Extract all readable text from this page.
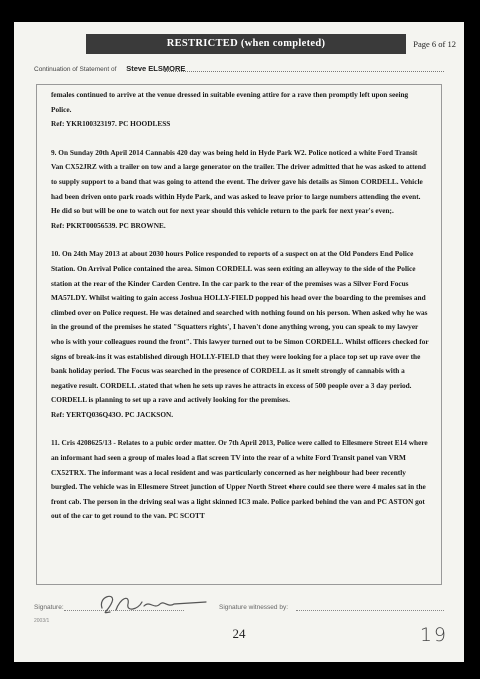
RESTRICTED (when completed)	Page 6 of 12
Continuation of Statement of Steve ELSMORE

females continued to arrive at the venue dressed in suitable evening attire for a rave then promptly left upon seeing Police.

Ref: YKR100323197. PC HOODLESS

9. On Sunday 20th April 2014 Cannabis 420 day was being held in Hyde Park W2. Police noticed a white Ford Transit Van CX52JRZ with a trailer on tow and a large generator on the trailer. The driver admitted that he was asked to attend to supply support to a band that was going to attend the event. The driver gave his details as Simon CORDELL. Vehicle had been driven onto park roads within Hyde Park, and was asked to leave prior to large numbers attending the event. He did so but will be one to watch out for next year should this vehicle return to the park for next year's even;.

Ref: PKRT00056539. PC BROWNE.

10. On 24th May 2013 at about 2030 hours Police responded to reports of a suspect on at the Old Ponders End Police Station. On Arrival Police contained the area. Simon CORDELL was seen exiting an alleyway to the side of the Police station at the rear of the Kinder Carden Centre. In the car park to the rear of the premises was a Silver Ford Focus MA57LDY. Whilst waiting to gain access Joshua HOLLY-FIELD popped his head over the boarding to the premises and climbed over on Police request. He was detained and searched with nothing found on his person. When asked why he was in the ground of the premises he stated "Squatters rights', I haven't done anything wrong, you can speak to my lawyer who is with your colleagues round the front". This lawyer turned out to be Simon CORDELL. Whilst officers checked for signs of break-ins it was established dirough HOLLY-FIELD that they were looking for a place top set up rave over the bank holiday period. The Focus was searched in the presence of CORDELL as it smelt strongly of cannabis with a negative result. CORDELL .stated that when he sets up raves he attracts in excess of 500 people over a 3 day period. CORDELL is planning to set up a rave and actively looking for the premises.

Ref: YERTQ036Q43O. PC JACKSON.

11. Cris 4208625/13 - Relates to a pubic order matter. Or 7th April 2013, Police were called to Ellesmere Street E14 where an informant had seen a group of males load a flat screen TV into the rear of a white Ford Transit panel van VRM CX52TRX. The informant was a local resident and was particularly concerned as her neighbour had beer recently burgled. The vehicle was in Ellesmere Street junction of Upper North Street ♦here could see there were 4 males sat in the front cab. The person in the driving seal was a light skinned IC3 male. Police parked behind the van and PC ASTON got out of the car to get round to the van. PC SCOTT

Signature:	Signature witnessed by:
2003/1
24	19
